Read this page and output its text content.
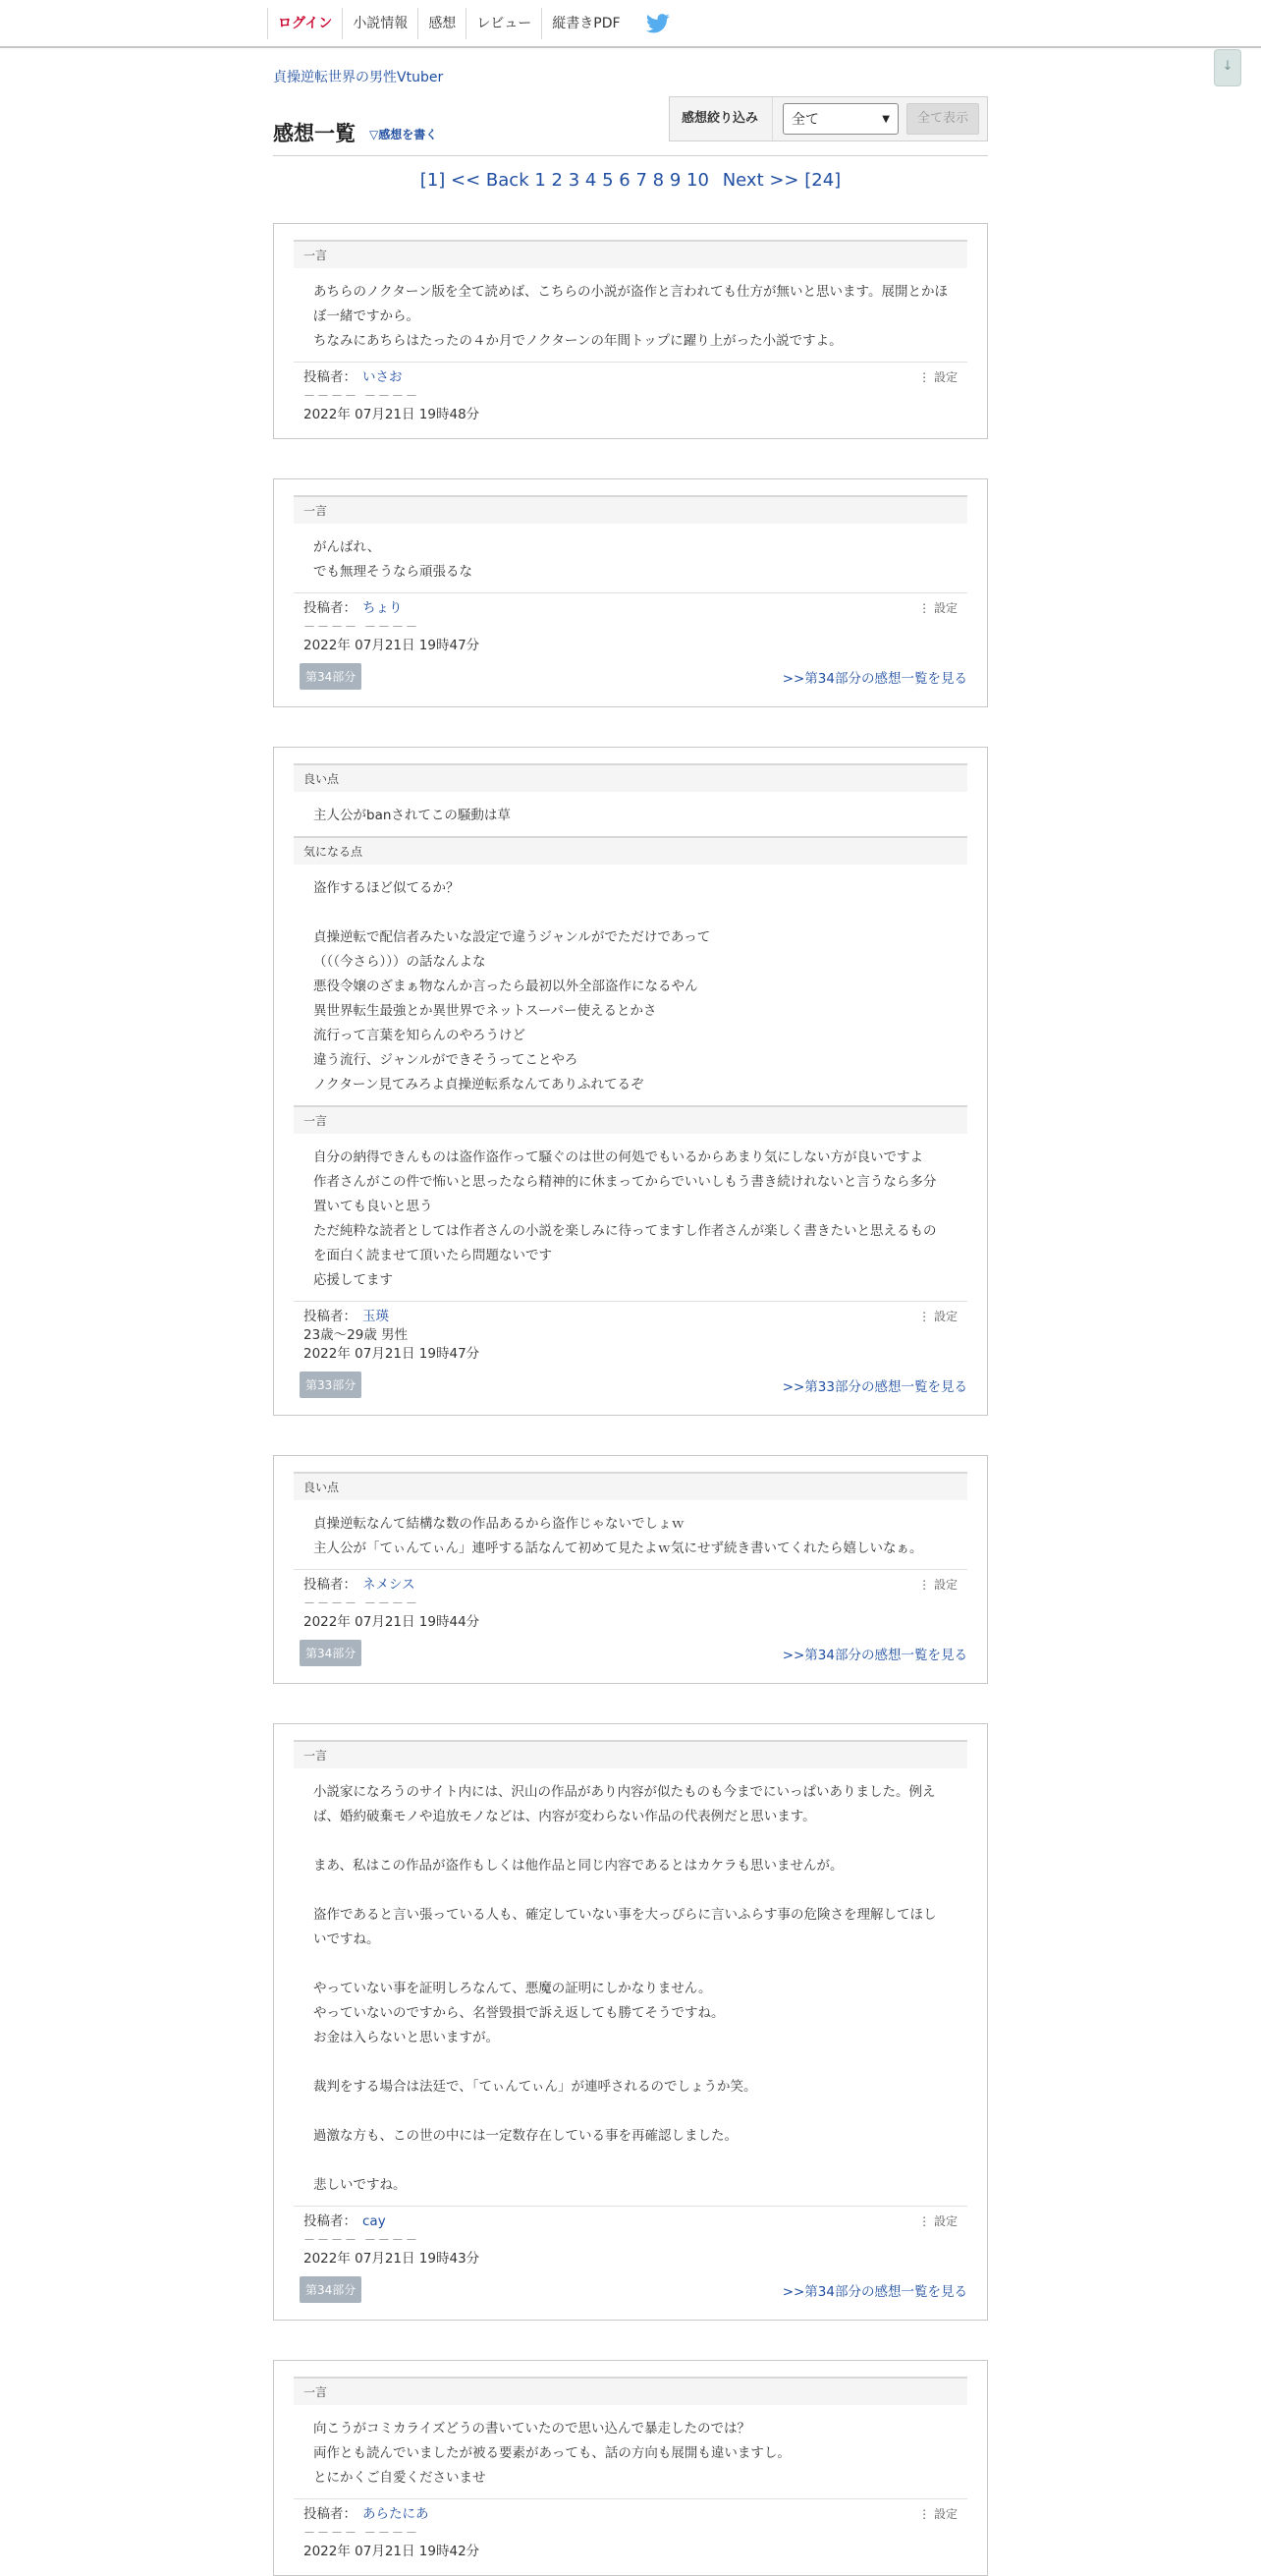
ログイン	小説情報	感想	レビュー	縦書きPDF
↓
貞操逆転世界の男性Vtuber
感想一覧 ▽感想を書く
感想絞り込み	全て	▼	全て表示
[1] << Back 1 2 3 4 5 6 7 8 9 10 Next >> [24]
一言
あちらのノクターン版を全て読めば、こちらの小説が盗作と言われても仕方が無いと思います。展開とかほぼ一緒ですから。
ちなみにあちらはたったの４か月でノクターンの年間トップに躍り上がった小説ですよ。
投稿者： いさお	⋮ 設定
－－－－ －－－－
2022年 07月21日 19時48分
一言
がんばれ、
でも無理そうなら頑張るな
投稿者： ちょり	⋮ 設定
－－－－ －－－－
2022年 07月21日 19時47分
第34部分	>>第34部分の感想一覧を見る
良い点
主人公がbanされてこの騒動は草
気になる点
盗作するほど似てるか？

貞操逆転で配信者みたいな設定で違うジャンルがでただけであって
（（（今さら）））の話なんよな
悪役令嬢のざまぁ物なんか言ったら最初以外全部盗作になるやん
異世界転生最強とか異世界でネットスーパー使えるとかさ
流行って言葉を知らんのやろうけど
違う流行、ジャンルができそうってことやろ
ノクターン見てみろよ貞操逆転系なんてありふれてるぞ
一言
自分の納得できんものは盗作盗作って騒ぐのは世の何処でもいるからあまり気にしない方が良いですよ
作者さんがこの件で怖いと思ったなら精神的に休まってからでいいしもう書き続けれないと言うなら多分置いても良いと思う
ただ純粋な読者としては作者さんの小説を楽しみに待ってますし作者さんが楽しく書きたいと思えるものを面白く読ませて頂いたら問題ないです
応援してます
投稿者： 玉瑛	⋮ 設定
23歳～29歳 男性
2022年 07月21日 19時47分
第33部分	>>第33部分の感想一覧を見る
良い点
貞操逆転なんて結構な数の作品あるから盗作じゃないでしょｗ
主人公が「てぃんてぃん」連呼する話なんて初めて見たよｗ気にせず続き書いてくれたら嬉しいなぁ。
投稿者： ネメシス	⋮ 設定
－－－－ －－－－
2022年 07月21日 19時44分
第34部分	>>第34部分の感想一覧を見る
一言
小説家になろうのサイト内には、沢山の作品があり内容が似たものも今までにいっぱいありました。例えば、婚約破棄モノや追放モノなどは、内容が変わらない作品の代表例だと思います。

まあ、私はこの作品が盗作もしくは他作品と同じ内容であるとはカケラも思いませんが。

盗作であると言い張っている人も、確定していない事を大っぴらに言いふらす事の危険さを理解してほしいですね。

やっていない事を証明しろなんて、悪魔の証明にしかなりません。
やっていないのですから、名誉毀損で訴え返しても勝てそうですね。
お金は入らないと思いますが。

裁判をする場合は法廷で、「てぃんてぃん」が連呼されるのでしょうか笑。

過激な方も、この世の中には一定数存在している事を再確認しました。

悲しいですね。
投稿者： cay	⋮ 設定
－－－－ －－－－
2022年 07月21日 19時43分
第34部分	>>第34部分の感想一覧を見る
一言
向こうがコミカライズどうの書いていたので思い込んで暴走したのでは？
両作とも読んでいましたが被る要素があっても、話の方向も展開も違いますし。
とにかくご自愛くださいませ
投稿者： あらたにあ	⋮ 設定
－－－－ －－－－
2022年 07月21日 19時42分
